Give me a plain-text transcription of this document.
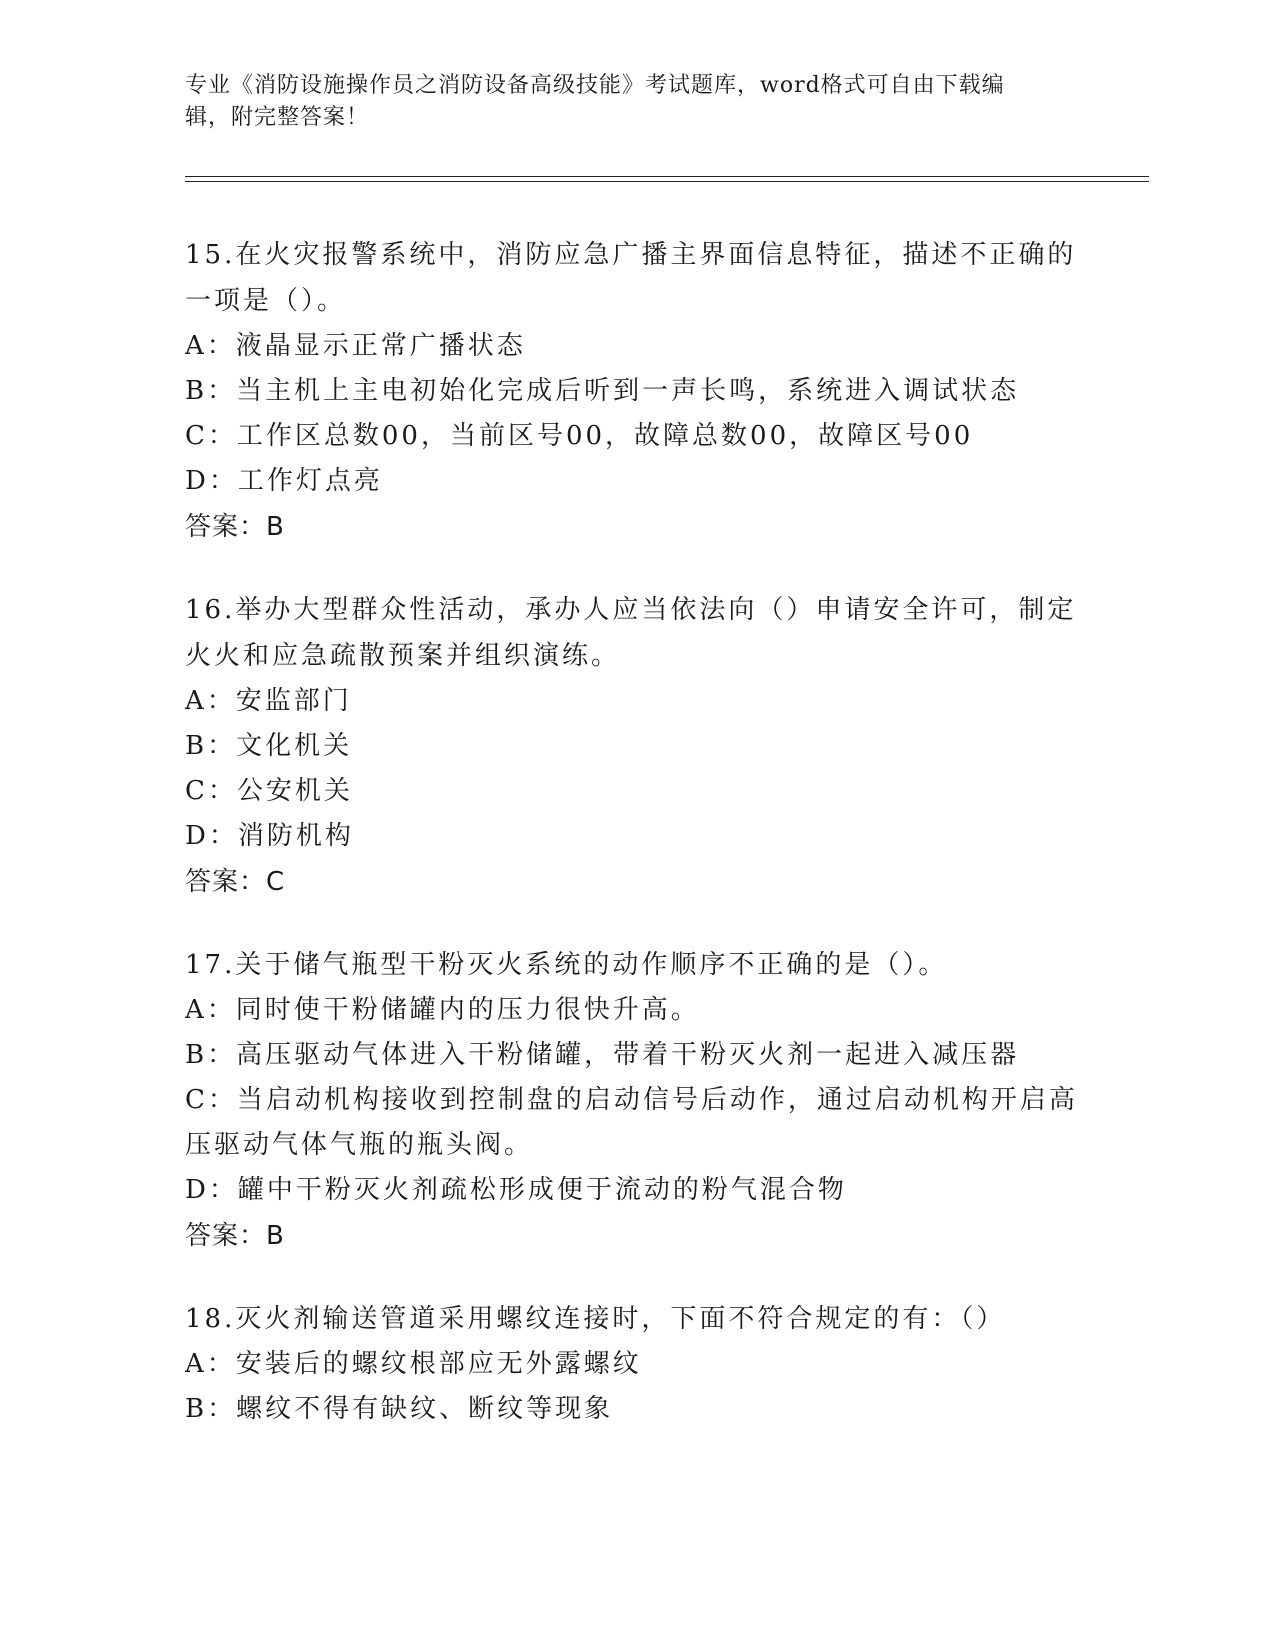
专业《消防设施操作员之消防设备高级技能》考试题库，word格式可自由下载编
辑，附完整答案！

15.在火灾报警系统中，消防应急广播主界面信息特征，描述不正确的

一项是（）。

A：液晶显示正常广播状态

B：当主机上主电初始化完成后听到一声长鸣，系统进入调试状态

C：工作区总数00，当前区号00，故障总数00，故障区号00

D：工作灯点亮

答案：B

16.举办大型群众性活动，承办人应当依法向（）申请安全许可，制定

火火和应急疏散预案并组织演练。

A：安监部门

B：文化机关

C：公安机关

D：消防机构

答案：C

17.关于储气瓶型干粉灭火系统的动作顺序不正确的是（）。

A：同时使干粉储罐内的压力很快升高。

B：高压驱动气体进入干粉储罐，带着干粉灭火剂一起进入减压器

C：当启动机构接收到控制盘的启动信号后动作，通过启动机构开启高

压驱动气体气瓶的瓶头阀。

D：罐中干粉灭火剂疏松形成便于流动的粉气混合物

答案：B

18.灭火剂输送管道采用螺纹连接时，下面不符合规定的有：（）

A：安装后的螺纹根部应无外露螺纹

B：螺纹不得有缺纹、断纹等现象
